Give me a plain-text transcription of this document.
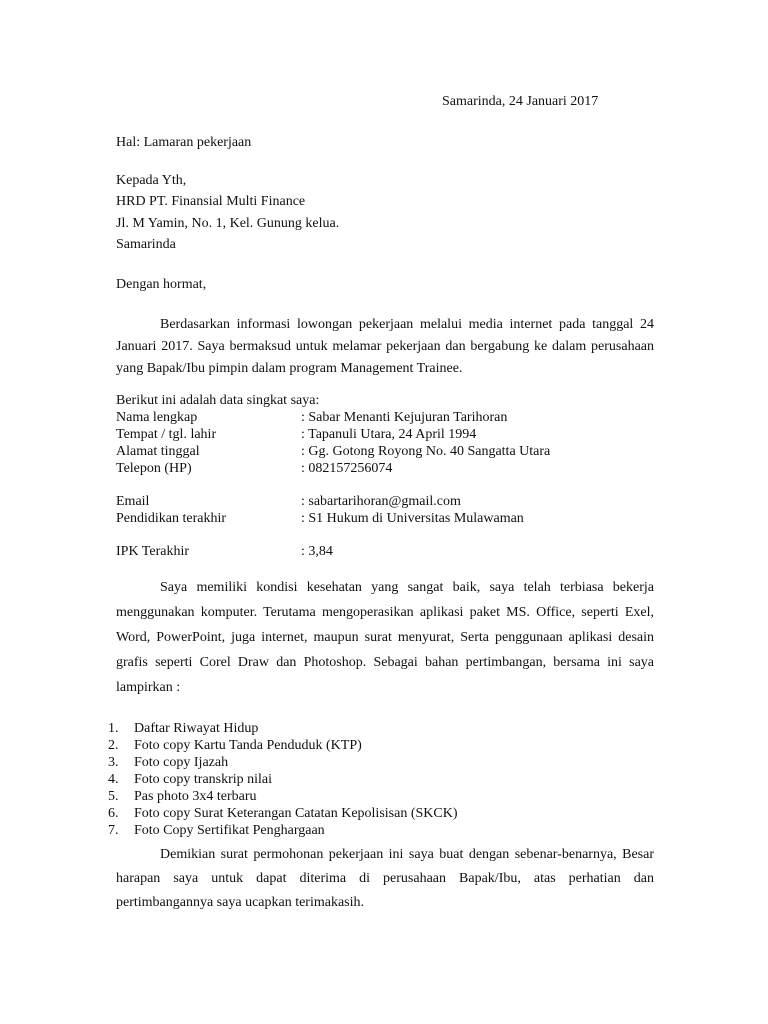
Samarinda, 24 Januari 2017
Hal: Lamaran pekerjaan
Kepada Yth,
HRD PT. Finansial Multi Finance
Jl. M Yamin, No. 1, Kel. Gunung kelua.
Samarinda
Dengan hormat,
Berdasarkan informasi lowongan pekerjaan melalui media internet pada tanggal 24 Januari 2017. Saya bermaksud untuk melamar pekerjaan dan bergabung ke dalam perusahaan yang Bapak/Ibu pimpin dalam program Management Trainee.
Berikut ini adalah data singkat saya:
Nama lengkap	: Sabar Menanti Kejujuran Tarihoran
Tempat / tgl. lahir	: Tapanuli Utara, 24 April 1994
Alamat tinggal	: Gg. Gotong Royong No. 40 Sangatta Utara
Telepon (HP)	: 082157256074
Email	: sabartarihoran@gmail.com
Pendidikan terakhir	: S1 Hukum di Universitas Mulawaman
IPK Terakhir	: 3,84
Saya memiliki kondisi kesehatan yang sangat baik, saya telah terbiasa bekerja menggunakan komputer. Terutama mengoperasikan aplikasi paket MS. Office, seperti Exel, Word, PowerPoint, juga internet, maupun surat menyurat, Serta penggunaan aplikasi desain grafis seperti Corel Draw dan Photoshop. Sebagai bahan pertimbangan, bersama ini saya lampirkan :
1. Daftar Riwayat Hidup
2. Foto copy Kartu Tanda Penduduk (KTP)
3. Foto copy Ijazah
4. Foto copy transkrip nilai
5. Pas photo 3x4 terbaru
6. Foto copy Surat Keterangan Catatan Kepolisisan (SKCK)
7. Foto Copy Sertifikat Penghargaan
Demikian surat permohonan pekerjaan ini saya buat dengan sebenar-benarnya, Besar harapan saya untuk dapat diterima di perusahaan Bapak/Ibu, atas perhatian dan pertimbangannya saya ucapkan terimakasih.
